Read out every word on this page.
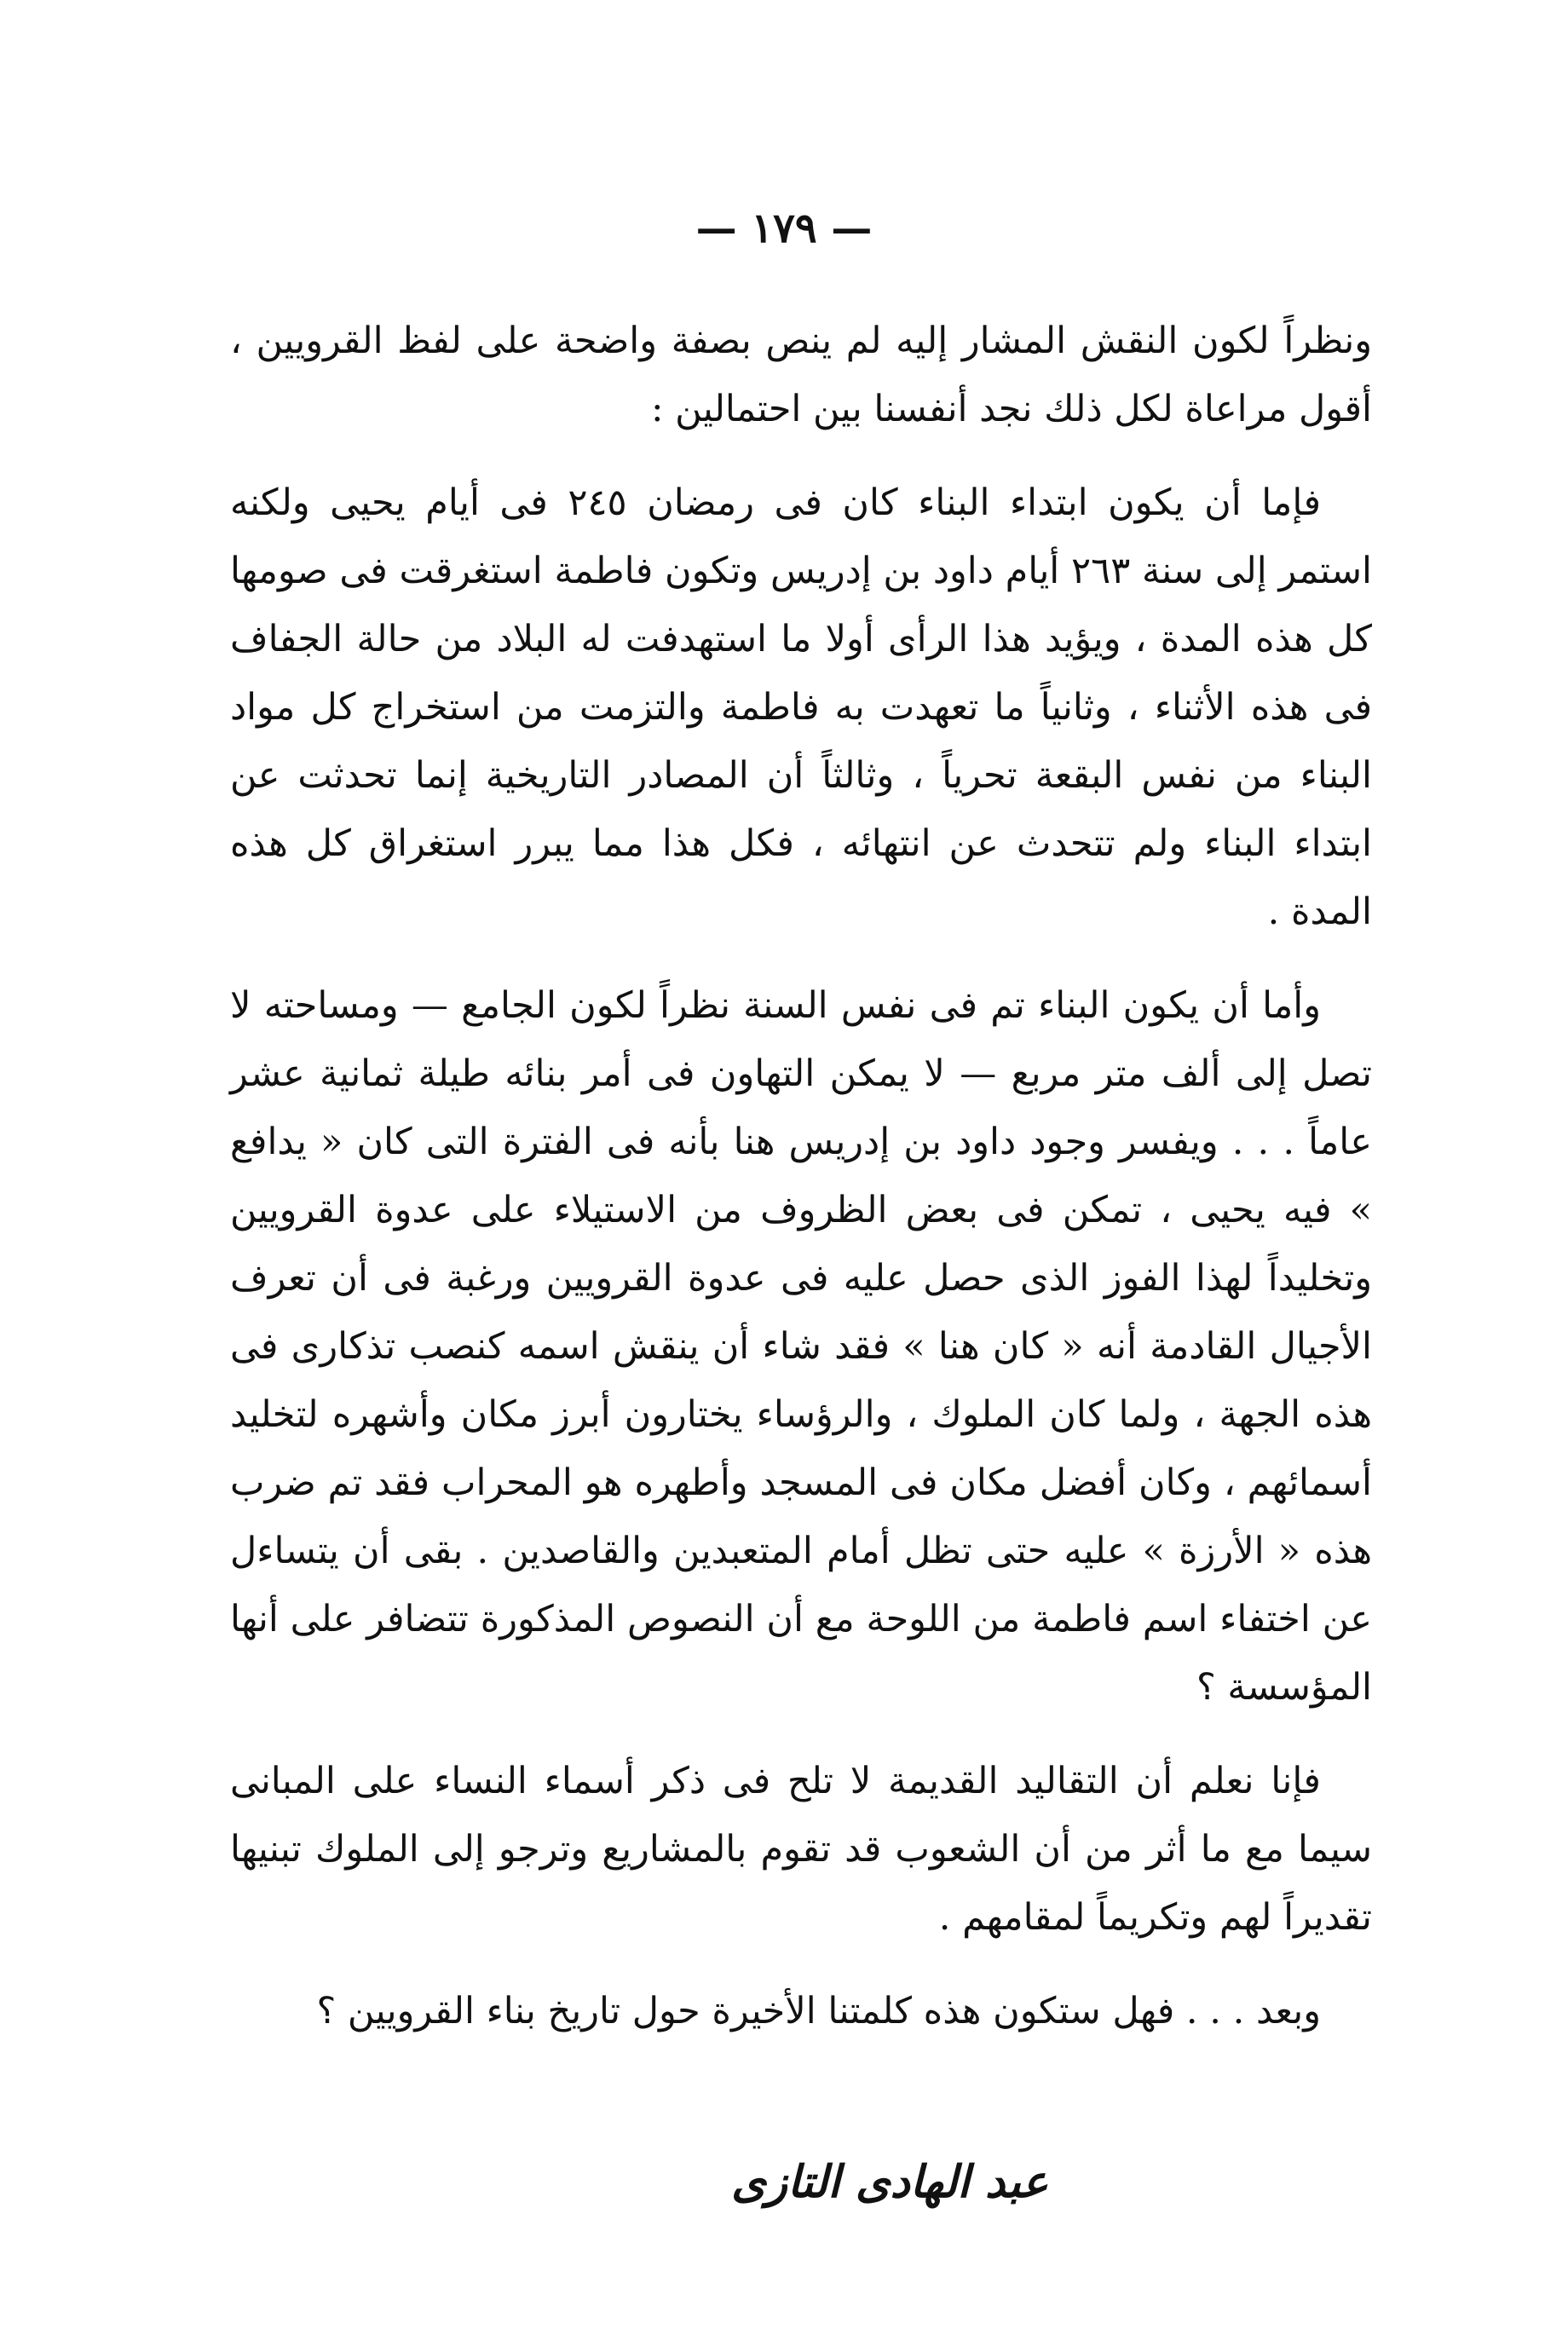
— ١٧٩ —

ونظراً لكون النقش المشار إليه لم ينص بصفة واضحة على لفظ القرويين ، أقول مراعاة لكل ذلك نجد أنفسنا بين احتمالين :

فإما أن يكون ابتداء البناء كان فى رمضان ٢٤٥ فى أيام يحيى ولكنه استمر إلى سنة ٢٦٣ أيام داود بن إدريس وتكون فاطمة استغرقت فى صومها كل هذه المدة ، ويؤيد هذا الرأى أولا ما استهدفت له البلاد من حالة الجفاف فى هذه الأثناء ، وثانياً ما تعهدت به فاطمة والتزمت من استخراج كل مواد البناء من نفس البقعة تحرياً ، وثالثاً أن المصادر التاريخية إنما تحدثت عن ابتداء البناء ولم تتحدث عن انتهائه ، فكل هذا مما يبرر استغراق كل هذه المدة .

وأما أن يكون البناء تم فى نفس السنة نظراً لكون الجامع — ومساحته لا تصل إلى ألف متر مربع — لا يمكن التهاون فى أمر بنائه طيلة ثمانية عشر عاماً . . . ويفسر وجود داود بن إدريس هنا بأنه فى الفترة التى كان « يدافع » فيه يحيى ، تمكن فى بعض الظروف من الاستيلاء على عدوة القرويين وتخليداً لهذا الفوز الذى حصل عليه فى عدوة القرويين ورغبة فى أن تعرف الأجيال القادمة أنه « كان هنا » فقد شاء أن ينقش اسمه كنصب تذكارى فى هذه الجهة ، ولما كان الملوك ، والرؤساء يختارون أبرز مكان وأشهره لتخليد أسمائهم ، وكان أفضل مكان فى المسجد وأطهره هو المحراب فقد تم ضرب هذه « الأرزة » عليه حتى تظل أمام المتعبدين والقاصدين . بقى أن يتساءل عن اختفاء اسم فاطمة من اللوحة مع أن النصوص المذكورة تتضافر على أنها المؤسسة ؟

فإنا نعلم أن التقاليد القديمة لا تلح فى ذكر أسماء النساء على المبانى سيما مع ما أثر من أن الشعوب قد تقوم بالمشاريع وترجو إلى الملوك تبنيها تقديراً لهم وتكريماً لمقامهم .

وبعد . . . فهل ستكون هذه كلمتنا الأخيرة حول تاريخ بناء القرويين ؟

عبد الهادى التازى
